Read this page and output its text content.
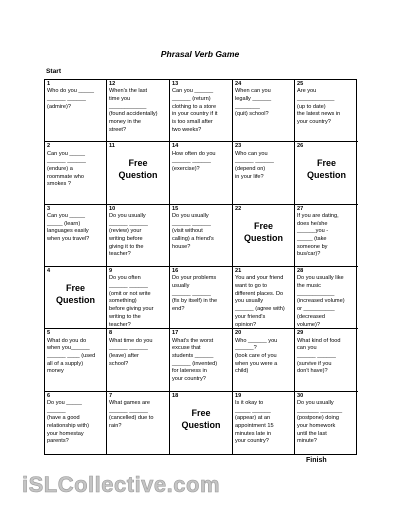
Phrasal Verb Game
Start
1
Who do you _____
______ ______
(admire)?
12
When's the last
time you
____________
(found accidentally)
money in the
street?
13
Can you ______
______ (return)
clothing to a store
in your country if it
is too small after
two weeks?
24
When can you
legally ______
________
(quit) school?
25
Are you
____________
(up to date)
the latest news in
your country?
2
Can you _____
______ ______
(endure) a
roommate who
smokes ?
11
Free
Question
14
How often do you
______ ______
(exercise)?
23
Who can you
______ ______
(depend on)
in your life?
26
Free
Question
3
Can you _____
_____ (learn)
languages easily
when you travel?
10
Do you usually
______ ______
(review) your
writing before
giving it to the
teacher?
15
Do you usually
______ ______
(visit without
calling) a friend's
house?
22
Free
Question
27
If you are dating,
does he/she
______you -
_____ (take
someone by
bus/car)?
4
Free
Question
9
Do you often
______ ______
(omit or not write
something)
before giving your
writing to the
teacher?
16
Do your problems
usually
______ ______
(fix by itself) in the
end?
21
You and your friend
want to go to
different places. Do
you usually
______ (agree with)
your friend's
opinion?
28
Do you usually like
the music
____________
(increased volume)
or __________
(decreased
volume)?
5
What do you do
when you______
______ ____ (used
all of a supply)
money
8
What time do you
______ ______
(leave) after
school?
17
What's the worst
excuse that
students ______
______ (invented)
for lateness in
your country?
20
Who ______ you
______?
(took care of you
when you were a
child)
29
What kind of food
can you
______ ______
(survive if you
don't have)?
6
Do you _____
______
(have a good
relationship with)
your homestay
parents?
7
What games are
______ ______
(cancelled) due to
rain?
18
Free
Question
19
Is it okay to
_____ ______
(appear) at an
appointment 15
minutes late in
your country?
30
Do you usually
_______ _______
(postpone) doing
your homework
until the last
minute?
Finish
iSLCollective.com
